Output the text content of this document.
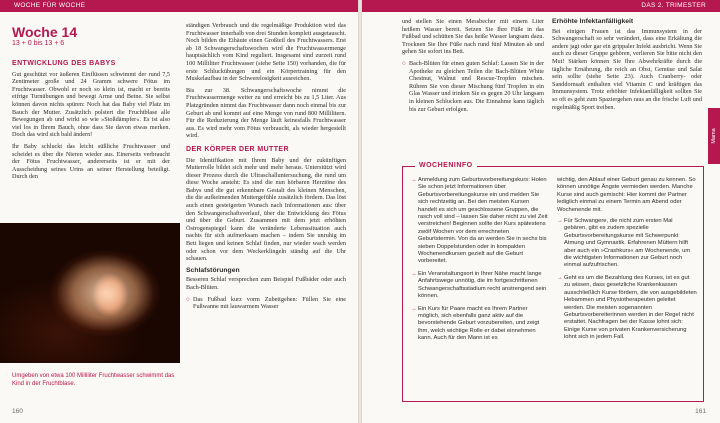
WOCHE FÜR WOCHE
Woche 14
13 + 0 bis 13 + 6
ENTWICKLUNG DES BABYS

Gut geschützt vor äußeren Einflüssen schwimmt der rund 7,5 Zentimeter große und 24 Gramm schwere Fötus im Fruchtwasser. Obwohl er noch so klein ist, macht er bereits eifrige Turnübungen und bewegt Arme und Beine. Sie selbst können davon nichts spüren: Noch hat das Baby viel Platz im Bauch der Mutter. Zusätzlich polstert die Fruchtblase alle Bewegungen ab und wirkt so wie »Stoßdämpfer«. Es ist also viel los in Ihrem Bauch, ohne dass Sie davon etwas merken. Doch das wird sich bald ändern!

Ihr Baby schluckt das leicht süßliche Fruchtwasser und scheidet es über die Nieren wieder aus. Einerseits verbraucht der Fötus Fruchtwasser, andererseits ist er mit der Ausscheidung seines Urins an seiner Herstellung beteiligt. Durch den

Umgeben von etwa 100 Milliliter Fruchtwasser schwimmt das Kind in der Fruchtblase.

ständigen Verbrauch und die regelmäßige Produktion wird das Fruchtwasser innerhalb von drei Stunden komplett ausgetauscht. Noch bilden die Eihäute einen Großteil des Fruchtwassers. Erst ab 18 Schwangerschaftswochen wird die Fruchtwassermenge hauptsächlich vom Kind reguliert. Insgesamt sind zurzeit rund 100 Milliliter Fruchtwasser (siehe Seite 150) vorhanden, die für erste Schluckübungen und ein Körpertraining für den Muskelaufbau in der Schwerelosigkeit ausreichen.

Bis zur 38. Schwangerschaftswoche nimmt die Fruchtwassermenge weiter zu und erreicht bis zu 1,5 Liter. Aus Platzgründen nimmt das Fruchtwasser dann noch einmal bis zur Geburt ab und kommt auf eine Menge von rund 800 Millilitern. Für die Reduzierung der Menge läuft keinesfalls Fruchtwasser aus. Es wird mehr vom Fötus verbraucht, als wieder hergestellt wird.

DER KÖRPER DER MUTTER

Die Identifikation mit Ihrem Baby und der zukünftigen Mutterrolle bildet sich mehr und mehr heraus. Unterstützt wird dieser Prozess durch die Ultraschalluntersuchung, die rund um diese Woche ansteht: Es sind die nun hörbaren Herztöne des Babys und die gut erkennbare Gestalt des kleinen Menschen, die die aufkeimenden Muttergefühle zusätzlich fördern. Das löst auch einen gesteigerten Wunsch nach Informationen aus: über den Schwangerschaftsverlauf, über die Entwicklung des Fötus und über die Geburt. Zusammen mit dem jetzt erhöhten Östrogenspiegel kann die veränderte Lebenssituation auch nachts für sich aufmerksam machen – indem Sie unruhig im Bett liegen und keinen Schlaf finden, nur wieder wach werden oder schon vor dem Weckerklingeln ständig auf die Uhr schauen.

Schlafstörungen

Besseren Schlaf versprechen zum Beispiel Fußbäder oder auch Bach-Blüten.

○ Das Fußbad kurz vorm Zubettgehen: Füllen Sie eine Fußwanne mit lauwarmem Wasser
160
DAS 2. TRIMESTER

und stellen Sie einen Messbecher mit einem Liter heißem Wasser bereit. Setzen Sie Ihre Füße in das Fußbad und schütten Sie das heiße Wasser langsam dazu. Trocknen Sie Ihre Füße nach rund fünf Minuten ab und gehen Sie sofort ins Bett.

○ Bach-Blüten für einen guten Schlaf: Lassen Sie in der Apotheke zu gleichen Teilen die Bach-Blüten White Chestnut, Walnut und Rescue-Tropfen mischen. Rühren Sie von dieser Mischung fünf Tropfen in ein Glas Wasser und trinken Sie es gegen 20 Uhr langsam in kleinen Schlucken aus. Die Einnahme kann täglich bis zur Geburt erfolgen.
Erhöhte Infektanfälligkeit

Bei einigen Frauen ist das Immunsystem in der Schwangerschaft so sehr verändert, dass eine Erkältung die andere jagt oder gar ein grippaler Infekt ausbricht. Wenn Sie auch zu dieser Gruppe gehören, verlieren Sie bitte nicht den Mut! Stärken können Sie Ihre Abwehrkräfte durch die tägliche Ernährung, die reich an Obst, Gemüse und Salat sein sollte (siehe Seite 23). Auch Cranberry- oder Sanddornsaft enthalten viel Vitamin C und kräftigen das Immunsystem. Trotz erhöhter Infektanfälligkeit sollten Sie so oft es geht zum Spaziergehen raus an die frische Luft und regelmäßig Sport treiben.

Mama
WOCHENINFO
→ Anmeldung zum Geburtsvorbereitungskurs: Holen Sie schon jetzt Informationen über Geburtsvorbereitungskurse ein und melden Sie sich rechtzeitig an. Bei den meisten Kursen handelt es sich um geschlossene Gruppen, die rasch voll sind – lassen Sie daher nicht zu viel Zeit verstreichen! Beginnen sollte der Kurs spätestens zwölf Wochen vor dem errechneten Geburtstermin. Von da an werden Sie in sechs bis sieben Doppelstunden oder in kompakten Wochenendkursen gezielt auf die Geburt vorbereitet.
→ Ein Veranstaltungsort in Ihrer Nähe macht lange Anfahrtswege unnötig, die im fortgeschrittenen Schwangerschaftsstadium recht anstrengend sein können.
→ Ein Kurs für Paare macht es Ihrem Partner möglich, sich ebenfalls ganz aktiv auf die bevorstehende Geburt vorzubereiten, und zeigt ihm, welch wichtige Rolle er dabei einnehmen kann. Auch für den Mann ist es

wichtig, den Ablauf einer Geburt genau zu kennen. So können unnötige Ängste vermieden werden. Manche Kurse sind auch gemischt: Hier kommt der Partner lediglich einmal zu einem Termin am Abend oder Wochenende mit.

→ Für Schwangere, die nicht zum ersten Mal gebären, gibt es zudem spezielle Geburtsvorbereitungskurse mit Schwerpunkt Atmung und Gymnastik. Erfahrenen Müttern hilft aber auch ein »Crashkurs« am Wochenende, um die wichtigsten Informationen zur Geburt noch einmal aufzufrischen.
→ Geht es um die Bezahlung des Kurses, ist es gut zu wissen, dass gesetzliche Krankenkassen ausschließlich Kurse fördern, die von ausgebildeten Hebammen und Physiotherapeuten geleitet werden. Die meisten sogenannten Geburtsvorbereiterinnen werden in der Regel nicht erstattet. Nachfragen bei der Kasse lohnt sich: Einige Kurse von privaten Krankenversicherung lohnt sich in jedem Fall.
161
